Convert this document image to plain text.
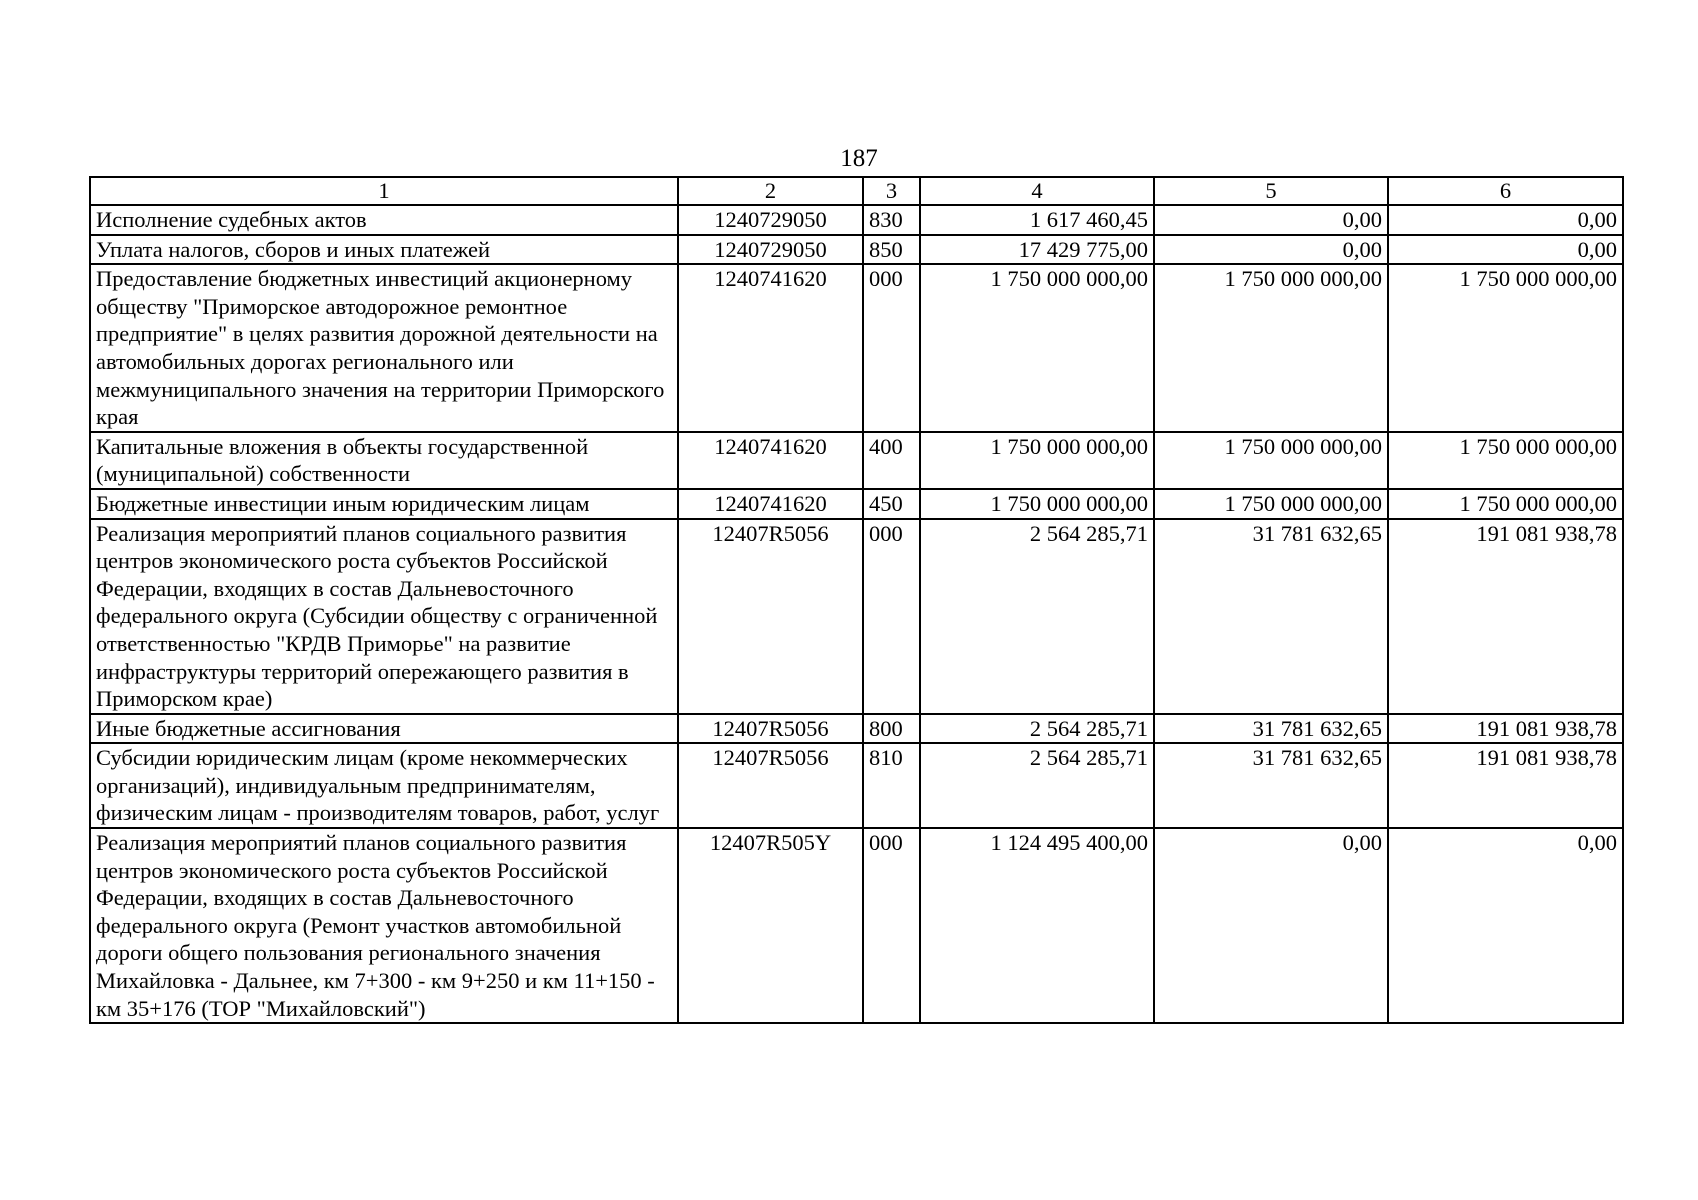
187
1	2	3	4	5	6
Исполнение судебных актов	1240729050	830	1 617 460,45	0,00	0,00
Уплата налогов, сборов и иных платежей	1240729050	850	17 429 775,00	0,00	0,00
Предоставление бюджетных инвестиций акционерному обществу "Приморское автодорожное ремонтное предприятие" в целях развития дорожной деятельности на автомобильных дорогах регионального или межмуниципального значения на территории Приморского края	1240741620	000	1 750 000 000,00	1 750 000 000,00	1 750 000 000,00
Капитальные вложения в объекты государственной (муниципальной) собственности	1240741620	400	1 750 000 000,00	1 750 000 000,00	1 750 000 000,00
Бюджетные инвестиции иным юридическим лицам	1240741620	450	1 750 000 000,00	1 750 000 000,00	1 750 000 000,00
Реализация мероприятий планов социального развития центров экономического роста субъектов Российской Федерации, входящих в состав Дальневосточного федерального округа (Субсидии обществу с ограниченной ответственностью "КРДВ Приморье" на развитие инфраструктуры территорий опережающего развития в Приморском крае)	12407R5056	000	2 564 285,71	31 781 632,65	191 081 938,78
Иные бюджетные ассигнования	12407R5056	800	2 564 285,71	31 781 632,65	191 081 938,78
Субсидии юридическим лицам (кроме некоммерческих организаций), индивидуальным предпринимателям, физическим лицам - производителям товаров, работ, услуг	12407R5056	810	2 564 285,71	31 781 632,65	191 081 938,78
Реализация мероприятий планов социального развития центров экономического роста субъектов Российской Федерации, входящих в состав Дальневосточного федерального округа (Ремонт участков автомобильной дороги общего пользования регионального значения Михайловка - Дальнее, км 7+300 - км 9+250 и км 11+150 - км 35+176 (ТОР "Михайловский")	12407R505Y	000	1 124 495 400,00	0,00	0,00
